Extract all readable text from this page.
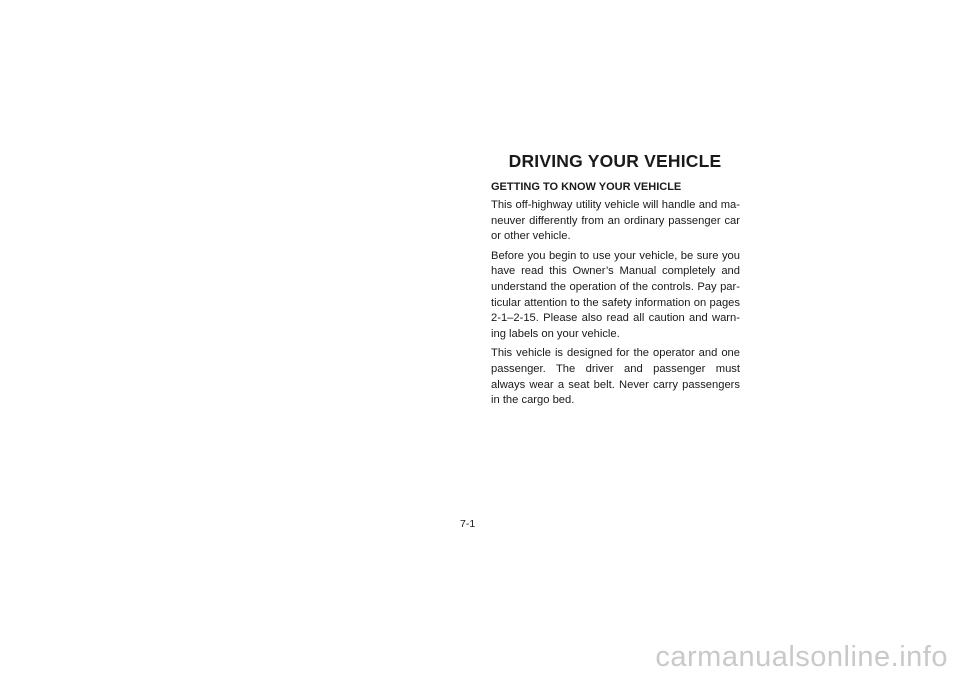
DRIVING YOUR VEHICLE
GETTING TO KNOW YOUR VEHICLE

This off-highway utility vehicle will handle and maneuver differently from an ordinary passenger car or other vehicle.

Before you begin to use your vehicle, be sure you have read this Owner’s Manual completely and understand the operation of the controls. Pay particular attention to the safety information on pages 2-1–2-15. Please also read all caution and warning labels on your vehicle.

This vehicle is designed for the operator and one passenger. The driver and passenger must always wear a seat belt. Never carry passengers in the cargo bed.

7-1
carmanualsonline.info
